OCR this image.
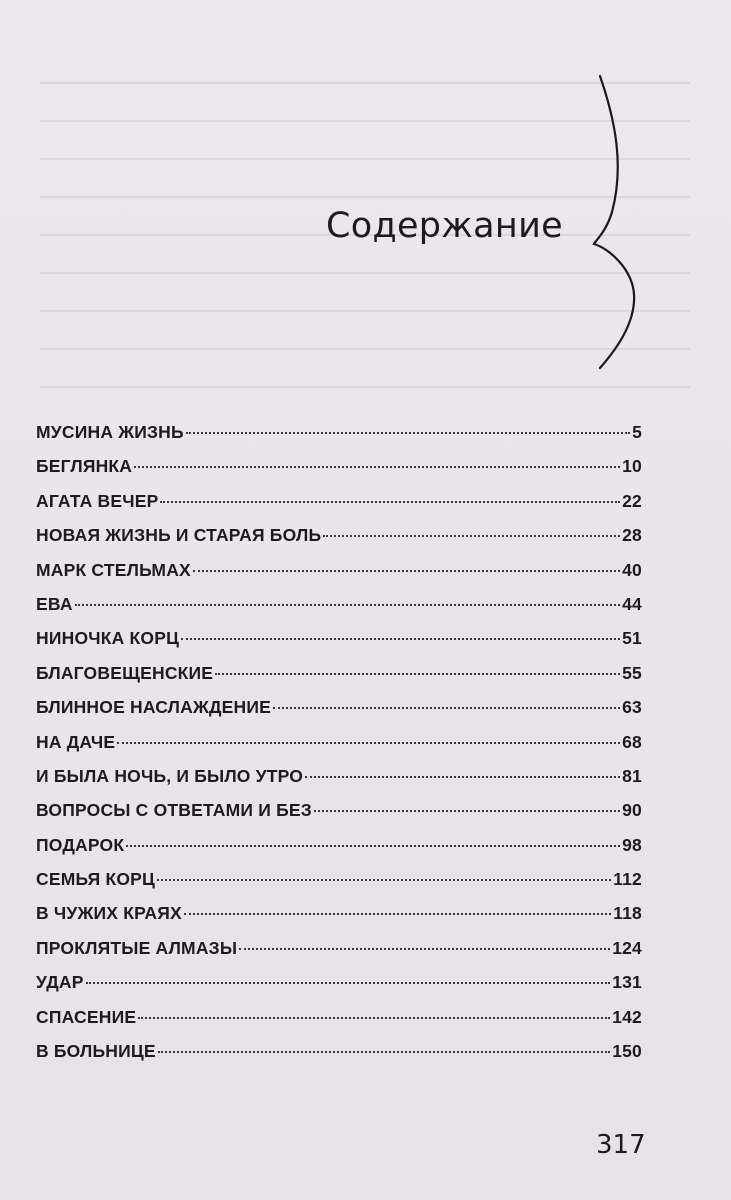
Содержание
МУСИНА ЖИЗНЬ	5
БЕГЛЯНКА	10
АГАТА ВЕЧЕР	22
НОВАЯ ЖИЗНЬ И СТАРАЯ БОЛЬ	28
МАРК СТЕЛЬМАХ	40
ЕВА	44
НИНОЧКА КОРЦ	51
БЛАГОВЕЩЕНСКИЕ	55
БЛИННОЕ НАСЛАЖДЕНИЕ	63
НА ДАЧЕ	68
И БЫЛА НОЧЬ, И БЫЛО УТРО	81
ВОПРОСЫ С ОТВЕТАМИ И БЕЗ	90
ПОДАРОК	98
СЕМЬЯ КОРЦ	112
В ЧУЖИХ КРАЯХ	118
ПРОКЛЯТЫЕ АЛМАЗЫ	124
УДАР	131
СПАСЕНИЕ	142
В БОЛЬНИЦЕ	150
317
